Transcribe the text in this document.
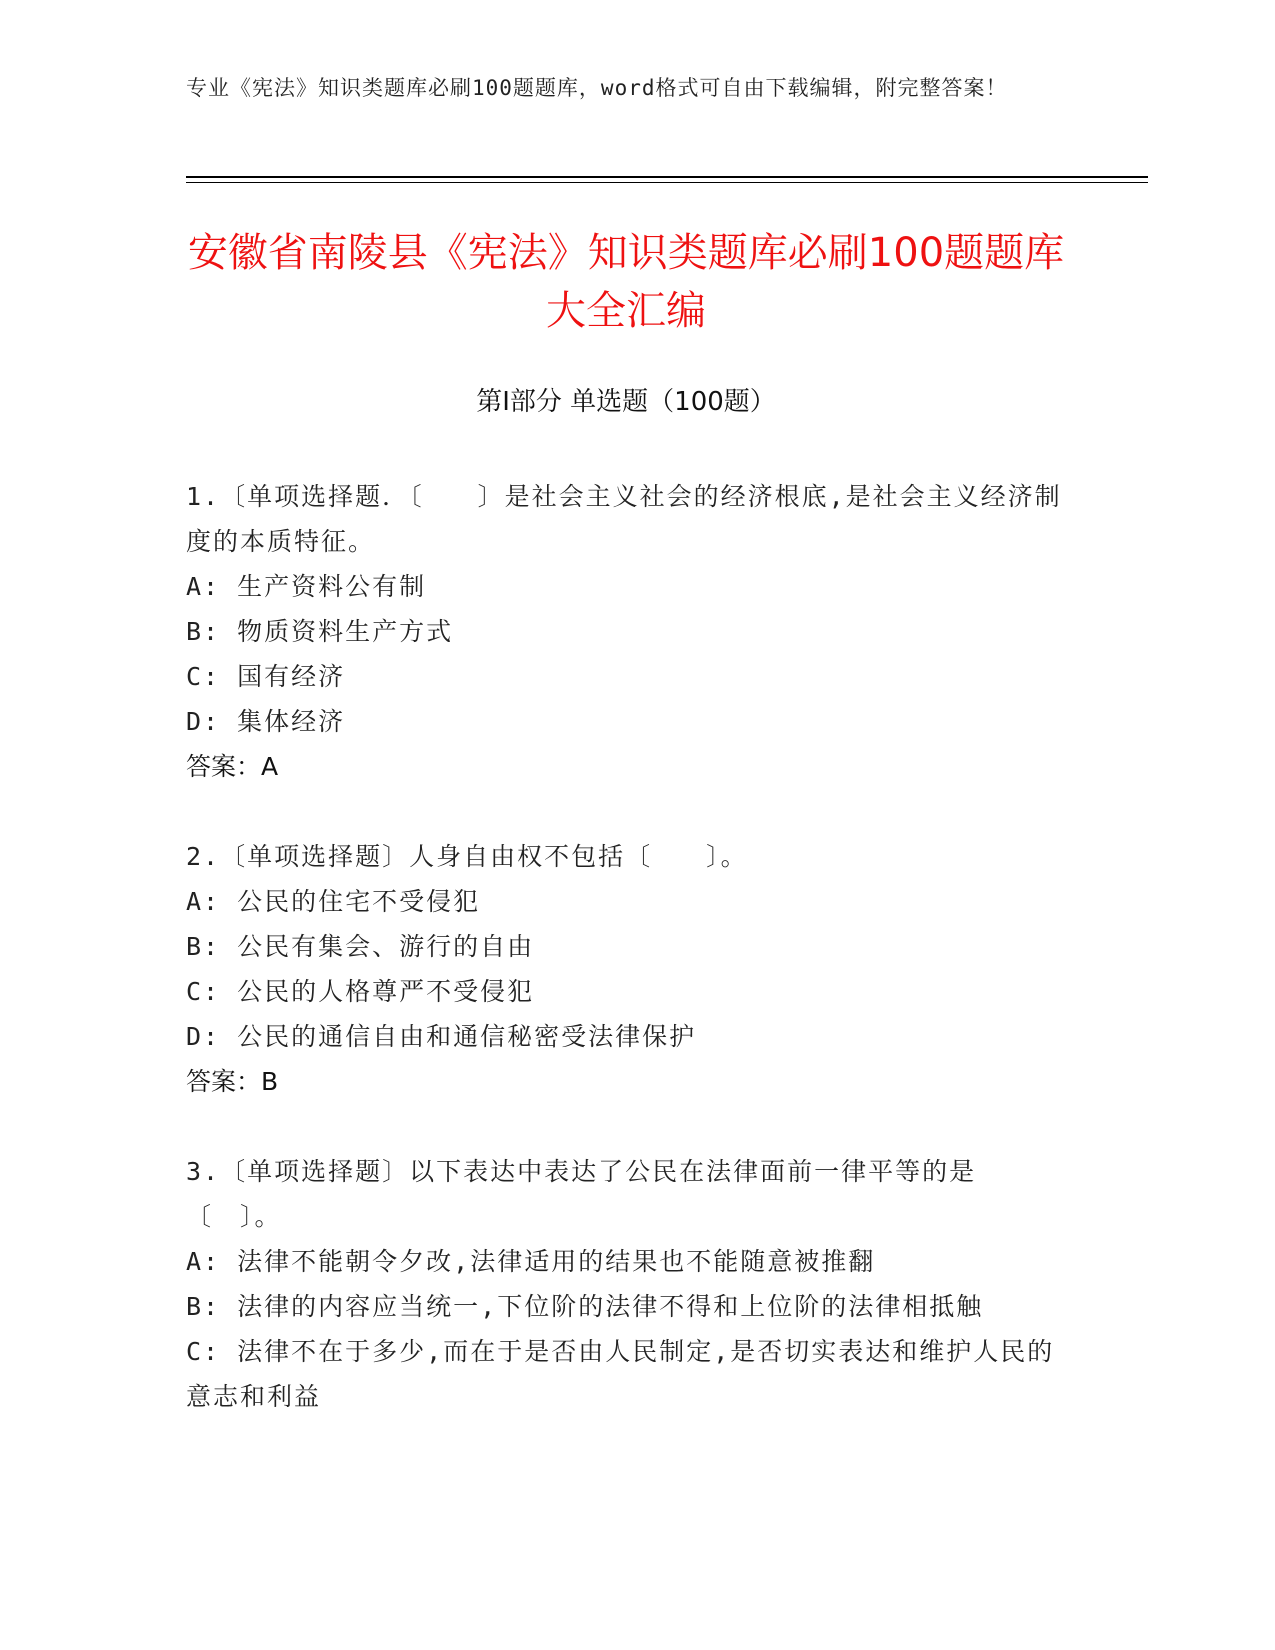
专业《宪法》知识类题库必刷100题题库，word格式可自由下载编辑，附完整答案！
安徽省南陵县《宪法》知识类题库必刷100题题库大全汇编
第I部分 单选题（100题）

1.〔单项选择题．〔　　〕是社会主义社会的经济根底,是社会主义经济制度的本质特征。

A: 生产资料公有制

B: 物质资料生产方式

C: 国有经济

D: 集体经济

答案：A

2.〔单项选择题〕人身自由权不包括〔　　〕。

A: 公民的住宅不受侵犯

B: 公民有集会、游行的自由

C: 公民的人格尊严不受侵犯

D: 公民的通信自由和通信秘密受法律保护

答案：B

3.〔单项选择题〕以下表达中表达了公民在法律面前一律平等的是〔　〕。

A: 法律不能朝令夕改,法律适用的结果也不能随意被推翻

B: 法律的内容应当统一,下位阶的法律不得和上位阶的法律相抵触

C: 法律不在于多少,而在于是否由人民制定,是否切实表达和维护人民的意志和利益
